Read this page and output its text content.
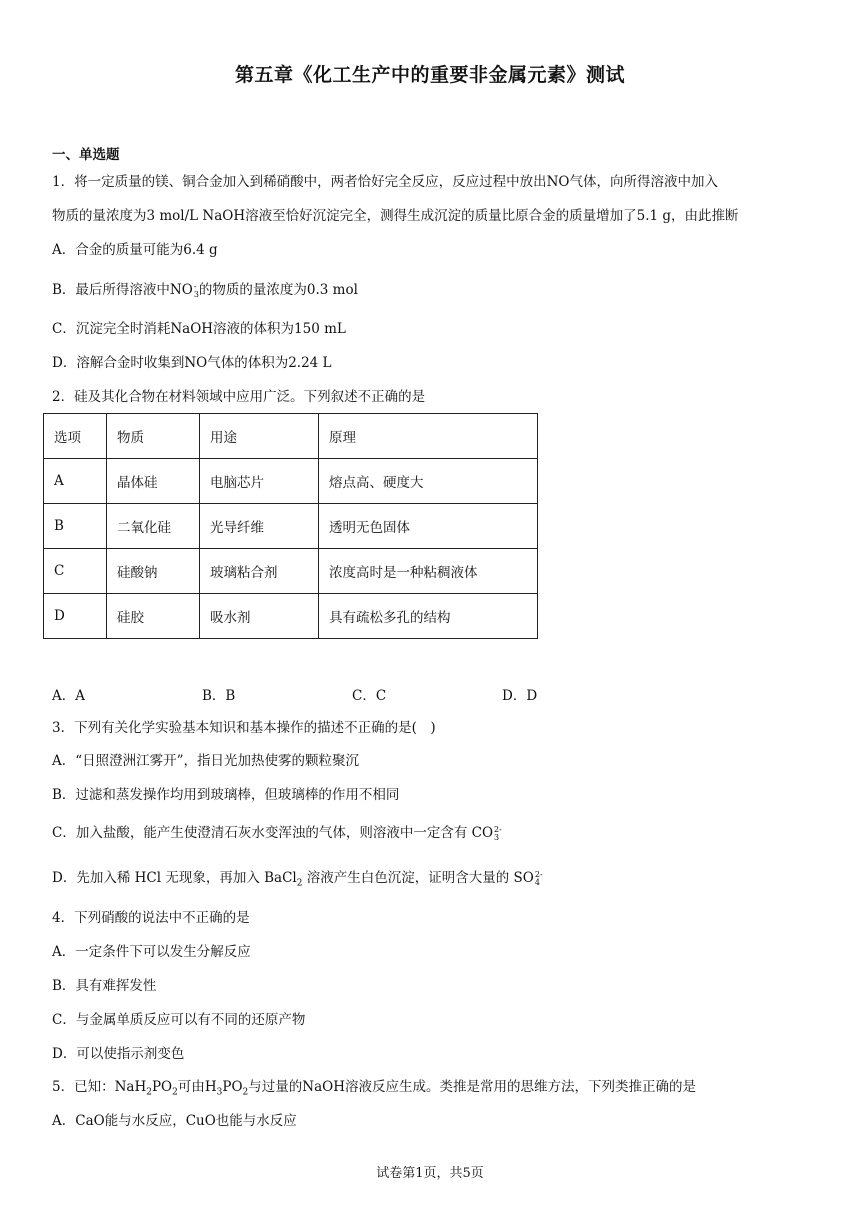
第五章《化工生产中的重要非金属元素》测试
一、单选题
1．将一定质量的镁、铜合金加入到稀硝酸中，两者恰好完全反应，反应过程中放出NO气体，向所得溶液中加入
物质的量浓度为3 mol/L NaOH溶液至恰好沉淀完全，测得生成沉淀的质量比原合金的质量增加了5.1 g，由此推断
A．合金的质量可能为6.4 g
B．最后所得溶液中NO -
3 的物质的量浓度为0.3 mol
C．沉淀完全时消耗NaOH溶液的体积为150 mL
D．溶解合金时收集到NO气体的体积为2.24 L
2．硅及其化合物在材料领域中应用广泛。下列叙述不正确的是
选项	物质	用途	原理
A	晶体硅	电脑芯片	熔点高、硬度大
B	二氧化硅	光导纤维	透明无色固体
C	硅酸钠	玻璃粘合剂	浓度高时是一种粘稠液体
D	硅胶	吸水剂	具有疏松多孔的结构
A．A	B．B	C．C	D．D
3．下列有关化学实验基本知识和基本操作的描述不正确的是(　)
A．“日照澄洲江雾开”，指日光加热使雾的颗粒聚沉
B．过滤和蒸发操作均用到玻璃棒，但玻璃棒的作用不相同
C．加入盐酸，能产生使澄清石灰水变浑浊的气体，则溶液中一定含有 CO 2-
3
D．先加入稀 HCl 无现象，再加入 BaCl$_2$ 溶液产生白色沉淀，证明含大量的 SO 2-
4
4．下列硝酸的说法中不正确的是
A．一定条件下可以发生分解反应
B．具有难挥发性
C．与金属单质反应可以有不同的还原产物
D．可以使指示剂变色
5．已知：$NaH_2PO_2$可由$H_3PO_2$与过量的NaOH溶液反应生成。类推是常用的思维方法，下列类推正确的是
A．CaO能与水反应，CuO也能与水反应
试卷第1页，共5页
